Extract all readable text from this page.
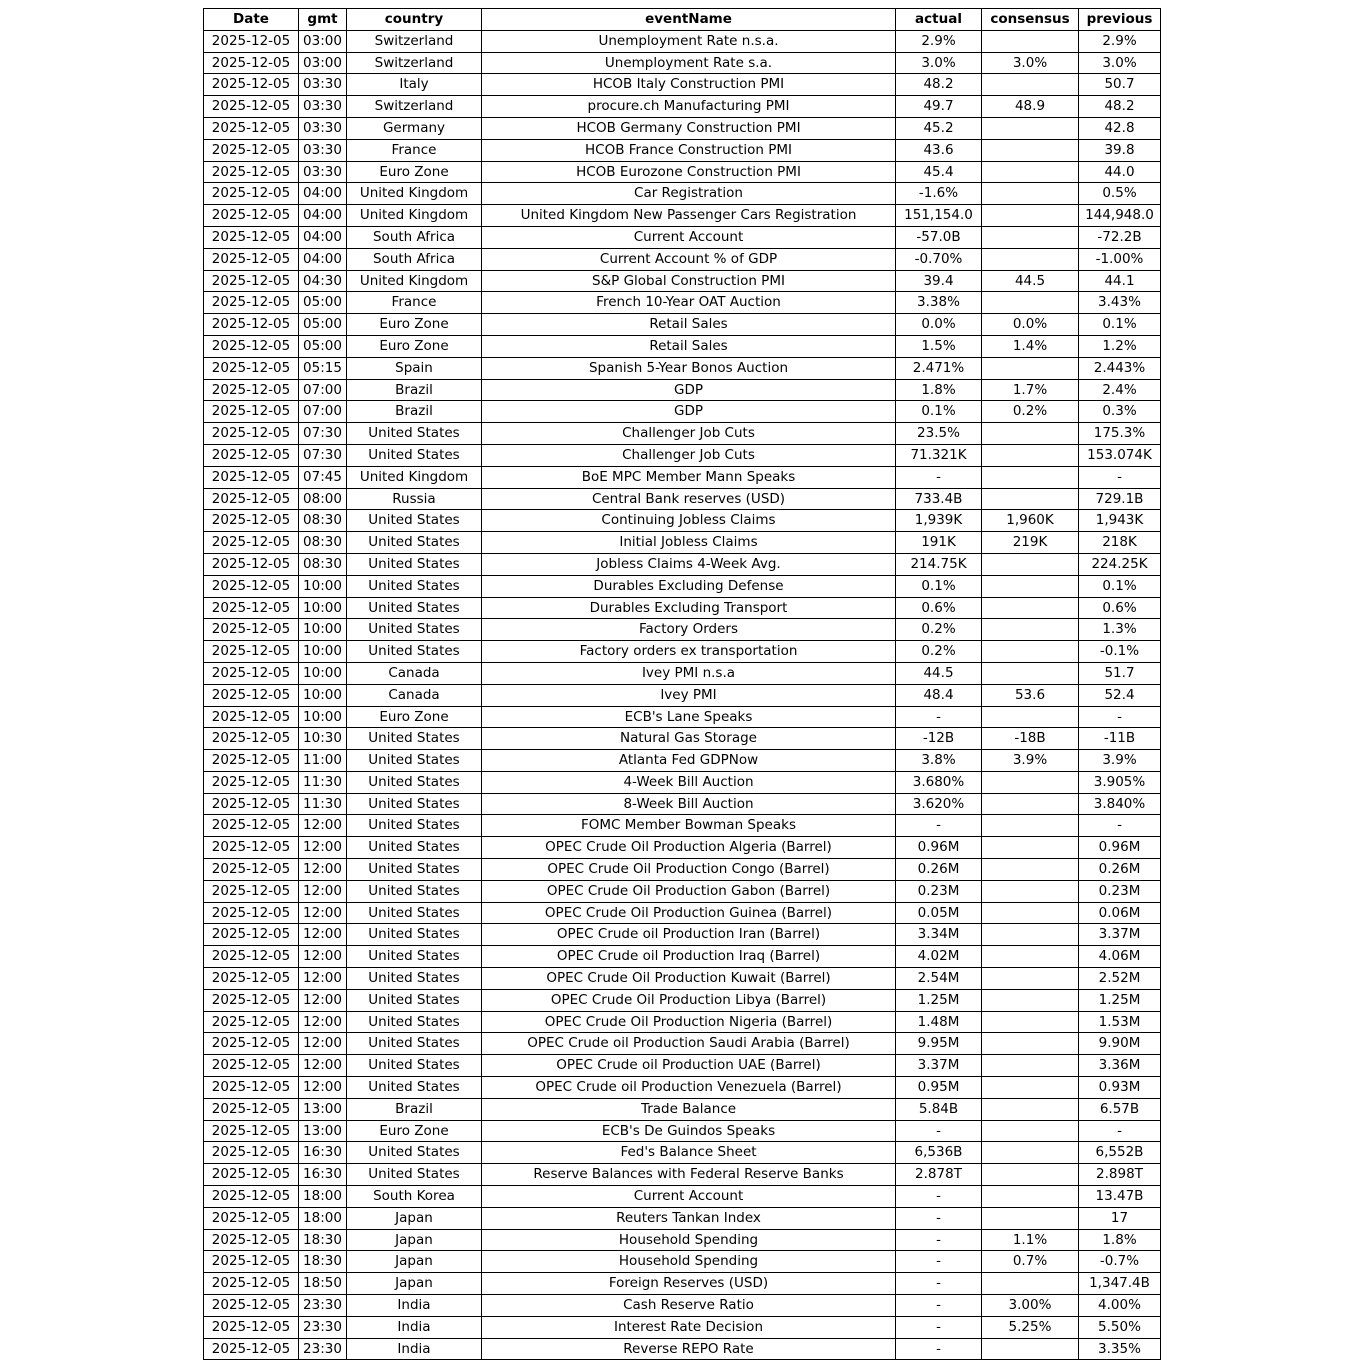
Date	gmt	country	eventName	actual	consensus	previous
2025-12-05	03:00	Switzerland	Unemployment Rate n.s.a.	2.9%		2.9%
2025-12-05	03:00	Switzerland	Unemployment Rate s.a.	3.0%	3.0%	3.0%
2025-12-05	03:30	Italy	HCOB Italy Construction PMI	48.2		50.7
2025-12-05	03:30	Switzerland	procure.ch Manufacturing PMI	49.7	48.9	48.2
2025-12-05	03:30	Germany	HCOB Germany Construction PMI	45.2		42.8
2025-12-05	03:30	France	HCOB France Construction PMI	43.6		39.8
2025-12-05	03:30	Euro Zone	HCOB Eurozone Construction PMI	45.4		44.0
2025-12-05	04:00	United Kingdom	Car Registration	-1.6%		0.5%
2025-12-05	04:00	United Kingdom	United Kingdom New Passenger Cars Registration	151,154.0		144,948.0
2025-12-05	04:00	South Africa	Current Account	-57.0B		-72.2B
2025-12-05	04:00	South Africa	Current Account % of GDP	-0.70%		-1.00%
2025-12-05	04:30	United Kingdom	S&P Global Construction PMI	39.4	44.5	44.1
2025-12-05	05:00	France	French 10-Year OAT Auction	3.38%		3.43%
2025-12-05	05:00	Euro Zone	Retail Sales	0.0%	0.0%	0.1%
2025-12-05	05:00	Euro Zone	Retail Sales	1.5%	1.4%	1.2%
2025-12-05	05:15	Spain	Spanish 5-Year Bonos Auction	2.471%		2.443%
2025-12-05	07:00	Brazil	GDP	1.8%	1.7%	2.4%
2025-12-05	07:00	Brazil	GDP	0.1%	0.2%	0.3%
2025-12-05	07:30	United States	Challenger Job Cuts	23.5%		175.3%
2025-12-05	07:30	United States	Challenger Job Cuts	71.321K		153.074K
2025-12-05	07:45	United Kingdom	BoE MPC Member Mann Speaks	-		-
2025-12-05	08:00	Russia	Central Bank reserves (USD)	733.4B		729.1B
2025-12-05	08:30	United States	Continuing Jobless Claims	1,939K	1,960K	1,943K
2025-12-05	08:30	United States	Initial Jobless Claims	191K	219K	218K
2025-12-05	08:30	United States	Jobless Claims 4-Week Avg.	214.75K		224.25K
2025-12-05	10:00	United States	Durables Excluding Defense	0.1%		0.1%
2025-12-05	10:00	United States	Durables Excluding Transport	0.6%		0.6%
2025-12-05	10:00	United States	Factory Orders	0.2%		1.3%
2025-12-05	10:00	United States	Factory orders ex transportation	0.2%		-0.1%
2025-12-05	10:00	Canada	Ivey PMI n.s.a	44.5		51.7
2025-12-05	10:00	Canada	Ivey PMI	48.4	53.6	52.4
2025-12-05	10:00	Euro Zone	ECB's Lane Speaks	-		-
2025-12-05	10:30	United States	Natural Gas Storage	-12B	-18B	-11B
2025-12-05	11:00	United States	Atlanta Fed GDPNow	3.8%	3.9%	3.9%
2025-12-05	11:30	United States	4-Week Bill Auction	3.680%		3.905%
2025-12-05	11:30	United States	8-Week Bill Auction	3.620%		3.840%
2025-12-05	12:00	United States	FOMC Member Bowman Speaks	-		-
2025-12-05	12:00	United States	OPEC Crude Oil Production Algeria (Barrel)	0.96M		0.96M
2025-12-05	12:00	United States	OPEC Crude Oil Production Congo (Barrel)	0.26M		0.26M
2025-12-05	12:00	United States	OPEC Crude Oil Production Gabon (Barrel)	0.23M		0.23M
2025-12-05	12:00	United States	OPEC Crude Oil Production Guinea (Barrel)	0.05M		0.06M
2025-12-05	12:00	United States	OPEC Crude oil Production Iran (Barrel)	3.34M		3.37M
2025-12-05	12:00	United States	OPEC Crude oil Production Iraq (Barrel)	4.02M		4.06M
2025-12-05	12:00	United States	OPEC Crude Oil Production Kuwait (Barrel)	2.54M		2.52M
2025-12-05	12:00	United States	OPEC Crude Oil Production Libya (Barrel)	1.25M		1.25M
2025-12-05	12:00	United States	OPEC Crude Oil Production Nigeria (Barrel)	1.48M		1.53M
2025-12-05	12:00	United States	OPEC Crude oil Production Saudi Arabia (Barrel)	9.95M		9.90M
2025-12-05	12:00	United States	OPEC Crude oil Production UAE (Barrel)	3.37M		3.36M
2025-12-05	12:00	United States	OPEC Crude oil Production Venezuela (Barrel)	0.95M		0.93M
2025-12-05	13:00	Brazil	Trade Balance	5.84B		6.57B
2025-12-05	13:00	Euro Zone	ECB's De Guindos Speaks	-		-
2025-12-05	16:30	United States	Fed's Balance Sheet	6,536B		6,552B
2025-12-05	16:30	United States	Reserve Balances with Federal Reserve Banks	2.878T		2.898T
2025-12-05	18:00	South Korea	Current Account	-		13.47B
2025-12-05	18:00	Japan	Reuters Tankan Index	-		17
2025-12-05	18:30	Japan	Household Spending	-	1.1%	1.8%
2025-12-05	18:30	Japan	Household Spending	-	0.7%	-0.7%
2025-12-05	18:50	Japan	Foreign Reserves (USD)	-		1,347.4B
2025-12-05	23:30	India	Cash Reserve Ratio	-	3.00%	4.00%
2025-12-05	23:30	India	Interest Rate Decision	-	5.25%	5.50%
2025-12-05	23:30	India	Reverse REPO Rate	-		3.35%
